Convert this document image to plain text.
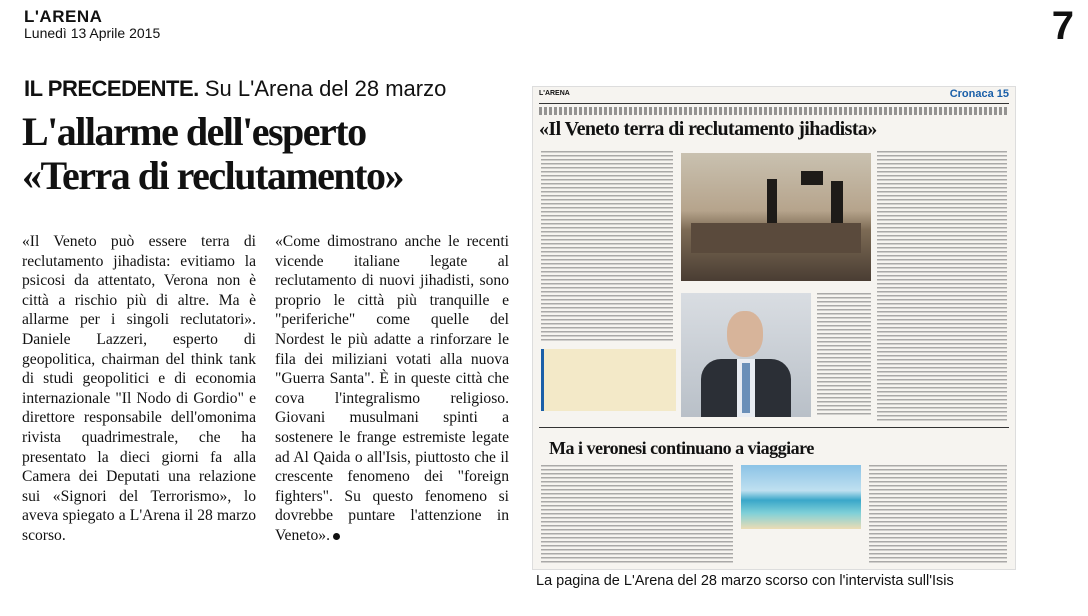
L'ARENA
Lunedì 13 Aprile 2015	7
IL PRECEDENTE. Su L'Arena del 28 marzo
L'allarme dell'esperto
«Terra di reclutamento»
«Il Veneto può essere terra di reclutamento jihadista: evitiamo la psicosi da attentato, Verona non è città a rischio più di altre. Ma è allarme per i singoli reclutatori». Daniele Lazzeri, esperto di geopolitica, chairman del think tank di studi geopolitici e di economia internazionale "Il Nodo di Gordio" e direttore responsabile dell'omonima rivista quadrimestrale, che ha presentato la dieci giorni fa alla Camera dei Deputati una relazione sui «Signori del Terrorismo», lo aveva spiegato a L'Arena il 28 marzo scorso.
«Come dimostrano anche le recenti vicende italiane legate al reclutamento di nuovi jihadisti, sono proprio le città più tranquille e "periferiche" come quelle del Nordest le più adatte a rinforzare le fila dei miliziani votati alla nuova "Guerra Santa". È in queste città che cova l'integralismo religioso. Giovani musulmani spinti a sostenere le frange estremiste legate ad Al Qaida o all'Isis, piuttosto che il crescente fenomeno dei "foreign fighters". Su questo fenomeno si dovrebbe puntare l'attenzione in Veneto».
L'ARENA	Cronaca 15
«Il Veneto terra di reclutamento jihadista»
Ma i veronesi continuano a viaggiare
La pagina de L'Arena del 28 marzo scorso con l'intervista sull'Isis
